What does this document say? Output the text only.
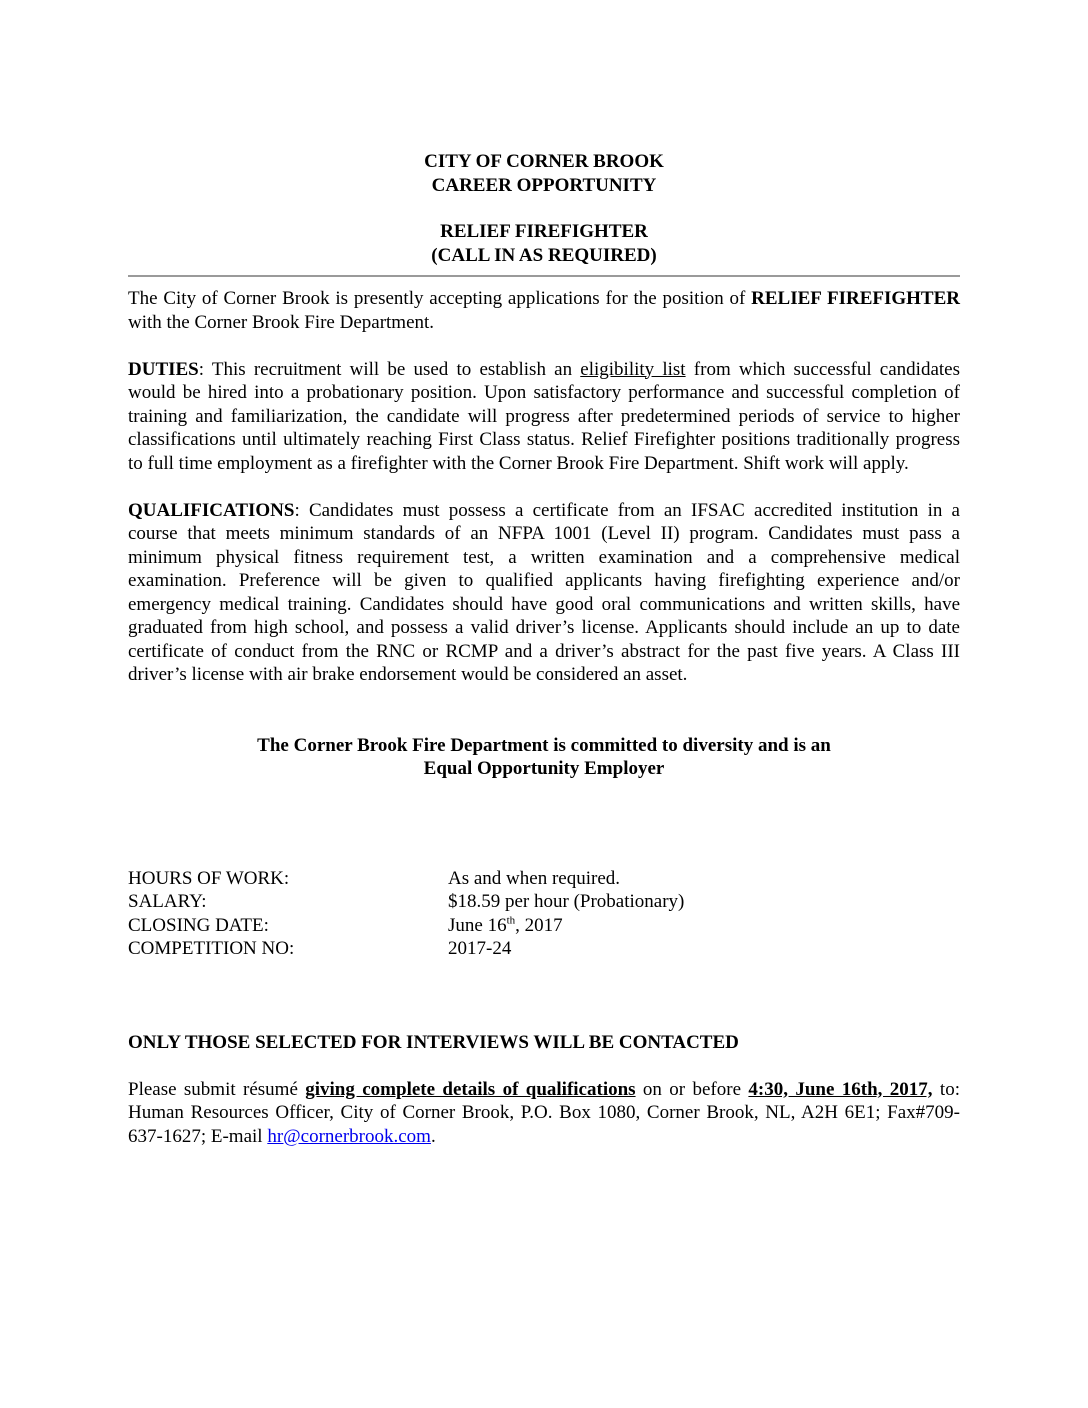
CITY OF CORNER BROOK
CAREER OPPORTUNITY
RELIEF FIREFIGHTER
(CALL IN AS REQUIRED)

The City of Corner Brook is presently accepting applications for the position of RELIEF FIREFIGHTER with the Corner Brook Fire Department.

DUTIES: This recruitment will be used to establish an eligibility list from which successful candidates would be hired into a probationary position. Upon satisfactory performance and successful completion of training and familiarization, the candidate will progress after predetermined periods of service to higher classifications until ultimately reaching First Class status. Relief Firefighter positions traditionally progress to full time employment as a firefighter with the Corner Brook Fire Department. Shift work will apply.

QUALIFICATIONS: Candidates must possess a certificate from an IFSAC accredited institution in a course that meets minimum standards of an NFPA 1001 (Level II) program. Candidates must pass a minimum physical fitness requirement test, a written examination and a comprehensive medical examination. Preference will be given to qualified applicants having firefighting experience and/or emergency medical training. Candidates should have good oral communications and written skills, have graduated from high school, and possess a valid driver’s license. Applicants should include an up to date certificate of conduct from the RNC or RCMP and a driver’s abstract for the past five years. A Class III driver’s license with air brake endorsement would be considered an asset.

The Corner Brook Fire Department is committed to diversity and is an
Equal Opportunity Employer
HOURS OF WORK:	As and when required.
SALARY:	$18.59 per hour (Probationary)
CLOSING DATE:	June 16th, 2017
COMPETITION NO:	2017-24
ONLY THOSE SELECTED FOR INTERVIEWS WILL BE CONTACTED

Please submit résumé giving complete details of qualifications on or before 4:30, June 16th, 2017, to: Human Resources Officer, City of Corner Brook, P.O. Box 1080, Corner Brook, NL, A2H 6E1; Fax#709-637-1627; E-mail hr@cornerbrook.com.
